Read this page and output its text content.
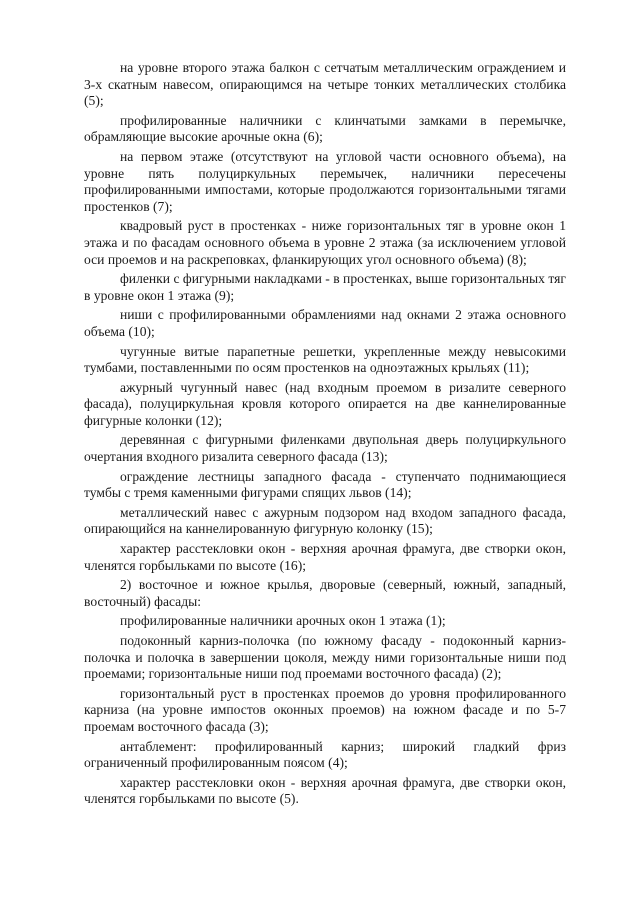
на уровне второго этажа балкон с сетчатым металлическим ограждением и 3-х скатным навесом, опирающимся на четыре тонких металлических столбика (5);

профилированные наличники с клинчатыми замками в перемычке, обрамляющие высокие арочные окна (6);

на первом этаже (отсутствуют на угловой части основного объема), на уровне пять полуциркульных перемычек, наличники пересечены профилированными импостами, которые продолжаются горизонтальными тягами простенков (7);

квадровый руст в простенках - ниже горизонтальных тяг в уровне окон 1 этажа и по фасадам основного объема в уровне 2 этажа (за исключением угловой оси проемов и на раскреповках, фланкирующих угол основного объема) (8);

филенки с фигурными накладками - в простенках, выше горизонтальных тяг в уровне окон 1 этажа (9);

ниши с профилированными обрамлениями над окнами 2 этажа основного объема (10);

чугунные витые парапетные решетки, укрепленные между невысокими тумбами, поставленными по осям простенков на одноэтажных крыльях (11);

ажурный чугунный навес (над входным проемом в ризалите северного фасада), полуциркульная кровля которого опирается на две каннелированные фигурные колонки (12);

деревянная с фигурными филенками двупольная дверь полуциркульного очертания входного ризалита северного фасада (13);

ограждение лестницы западного фасада - ступенчато поднимающиеся тумбы с тремя каменными фигурами спящих львов (14);

металлический навес с ажурным подзором над входом западного фасада, опирающийся на каннелированную фигурную колонку (15);

характер расстекловки окон - верхняя арочная фрамуга, две створки окон, членятся горбыльками по высоте (16);

2) восточное и южное крылья, дворовые (северный, южный, западный, восточный) фасады:

профилированные наличники арочных окон 1 этажа (1);

подоконный карниз-полочка (по южному фасаду - подоконный карниз-полочка и полочка в завершении цоколя, между ними горизонтальные ниши под проемами; горизонтальные ниши под проемами восточного фасада) (2);

горизонтальный руст в простенках проемов до уровня профилированного карниза (на уровне импостов оконных проемов) на южном фасаде и по 5-7 проемам восточного фасада (3);

антаблемент: профилированный карниз; широкий гладкий фриз ограниченный профилированным поясом (4);

характер расстекловки окон - верхняя арочная фрамуга, две створки окон, членятся горбыльками по высоте (5).
